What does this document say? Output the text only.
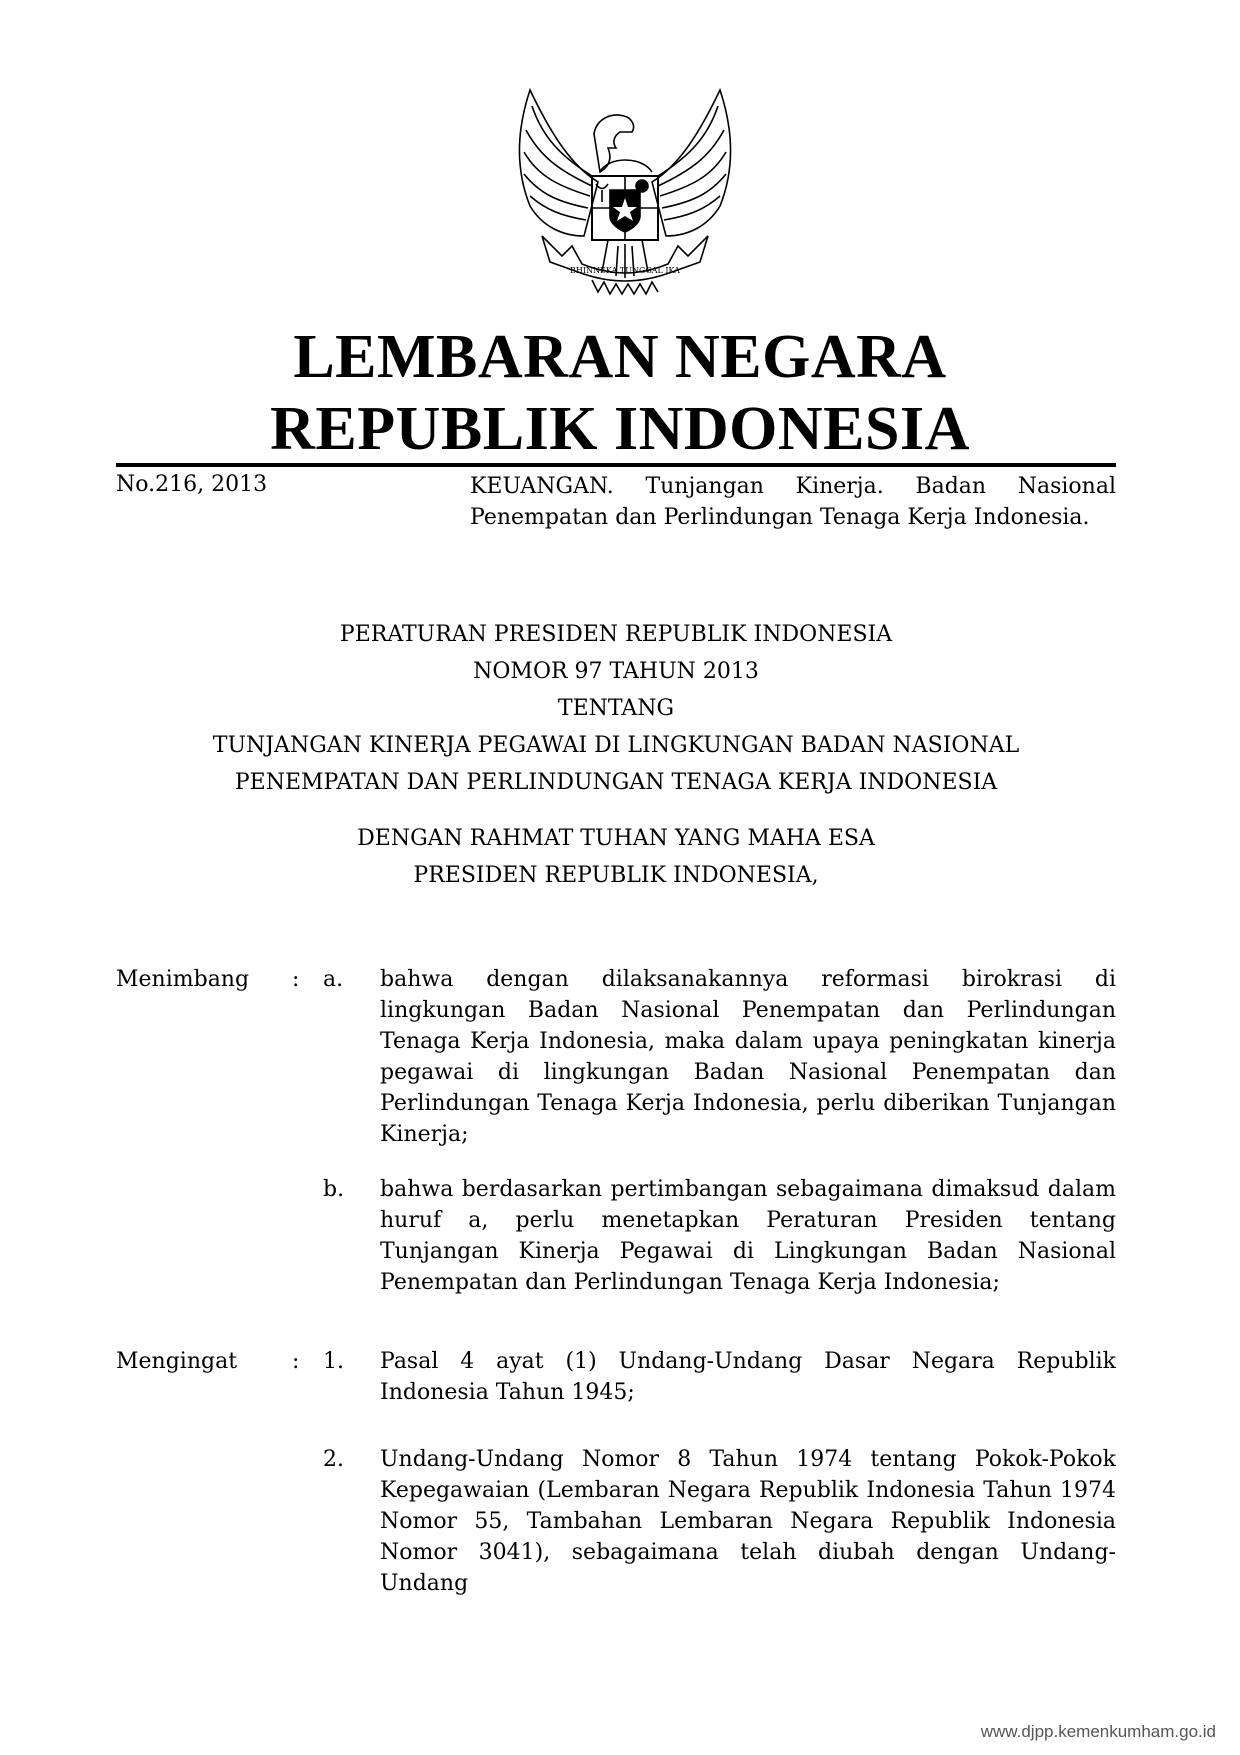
BHINNEKA TUNGGAL IKA
LEMBARAN NEGARA
REPUBLIK INDONESIA
No.216, 2013	KEUANGAN. Tunjangan Kinerja. Badan Nasional Penempatan dan Perlindungan Tenaga Kerja Indonesia.
PERATURAN PRESIDEN REPUBLIK INDONESIA
NOMOR 97 TAHUN 2013
TENTANG
TUNJANGAN KINERJA PEGAWAI DI LINGKUNGAN BADAN NASIONAL
PENEMPATAN DAN PERLINDUNGAN TENAGA KERJA INDONESIA
DENGAN RAHMAT TUHAN YANG MAHA ESA
PRESIDEN REPUBLIK INDONESIA,
Menimbang : a. bahwa dengan dilaksanakannya reformasi birokrasi di lingkungan Badan Nasional Penempatan dan Perlindungan Tenaga Kerja Indonesia, maka dalam upaya peningkatan kinerja pegawai di lingkungan Badan Nasional Penempatan dan Perlindungan Tenaga Kerja Indonesia, perlu diberikan Tunjangan Kinerja;
b. bahwa berdasarkan pertimbangan sebagaimana dimaksud dalam huruf a, perlu menetapkan Peraturan Presiden tentang Tunjangan Kinerja Pegawai di Lingkungan Badan Nasional Penempatan dan Perlindungan Tenaga Kerja Indonesia;
Mengingat : 1. Pasal 4 ayat (1) Undang-Undang Dasar Negara Republik Indonesia Tahun 1945;
2. Undang-Undang Nomor 8 Tahun 1974 tentang Pokok-Pokok Kepegawaian (Lembaran Negara Republik Indonesia Tahun 1974 Nomor 55, Tambahan Lembaran Negara Republik Indonesia Nomor 3041), sebagaimana telah diubah dengan Undang-Undang
www.djpp.kemenkumham.go.id
